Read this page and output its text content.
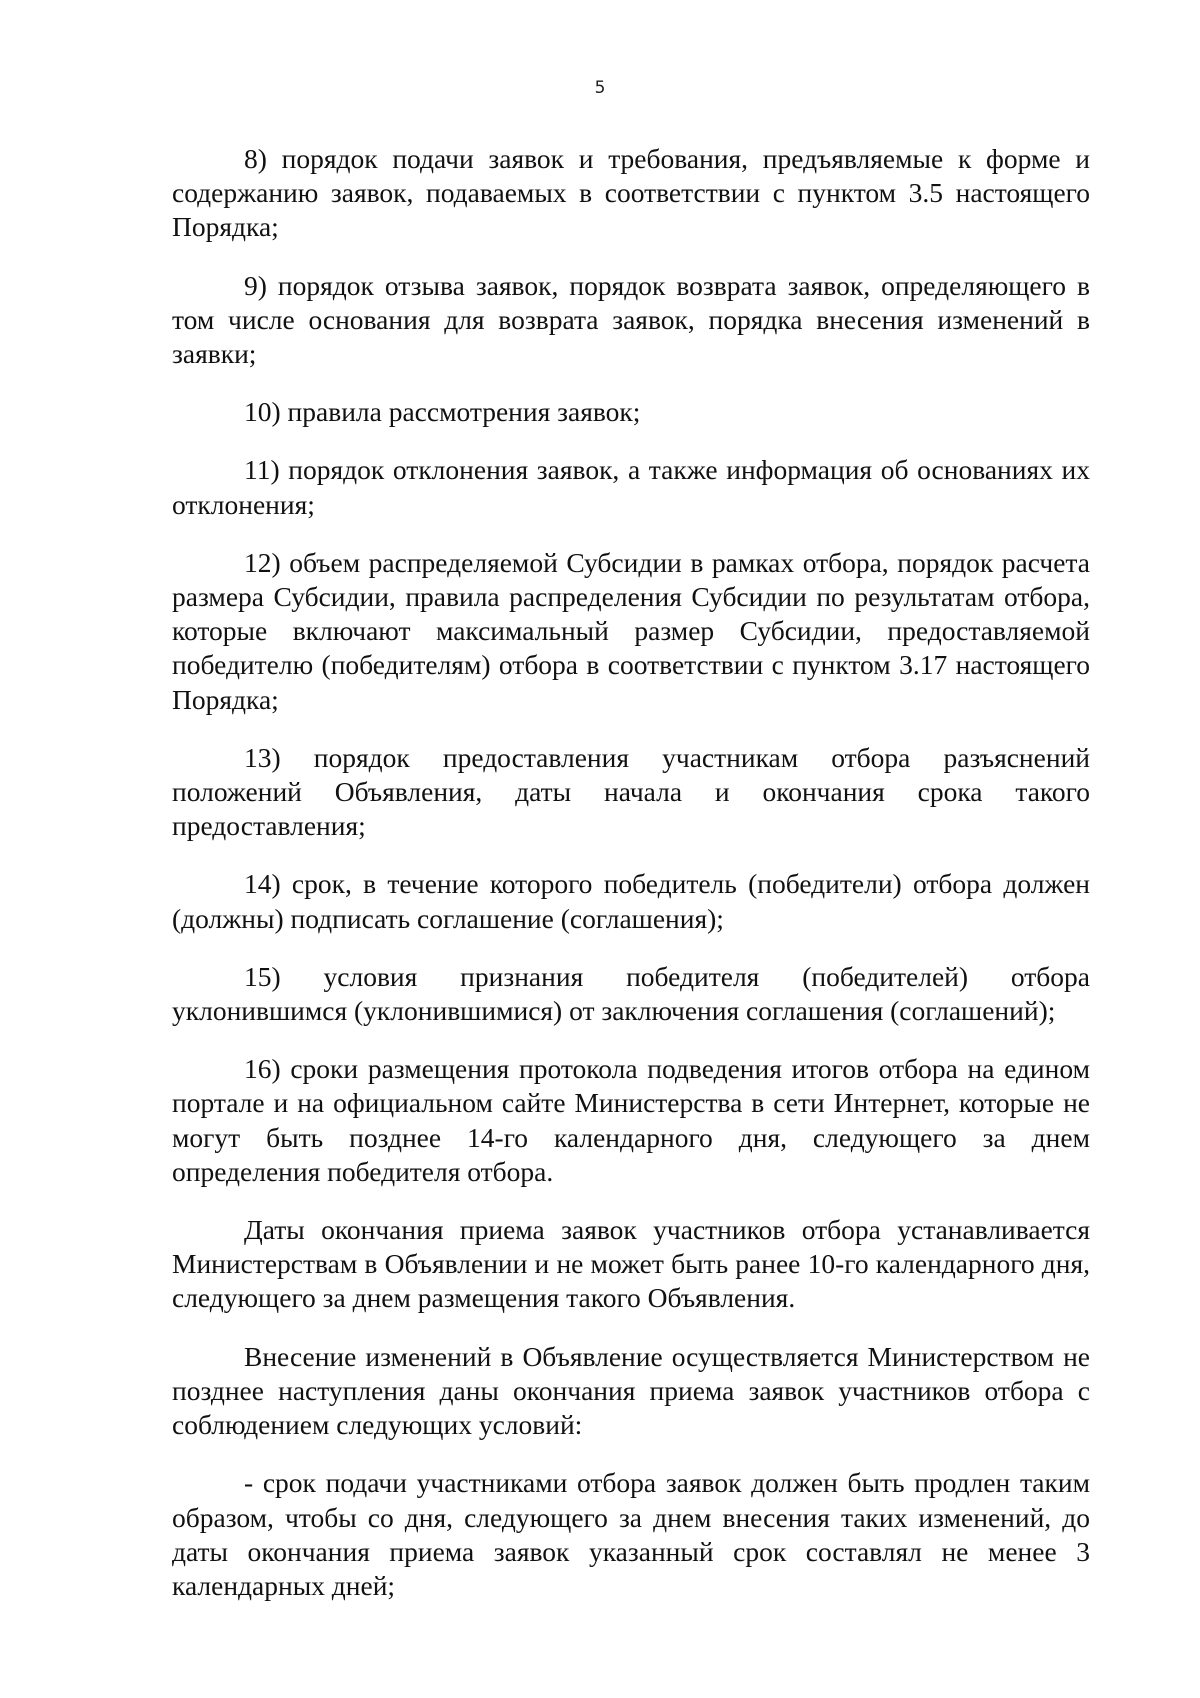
5

8) порядок подачи заявок и требования, предъявляемые к форме и содержанию заявок, подаваемых в соответствии с пунктом 3.5 настоящего Порядка;

9) порядок отзыва заявок, порядок возврата заявок, определяющего в том числе основания для возврата заявок, порядка внесения изменений в заявки;

10) правила рассмотрения заявок;

11) порядок отклонения заявок, а также информация об основаниях их отклонения;

12) объем распределяемой Субсидии в рамках отбора, порядок расчета размера Субсидии, правила распределения Субсидии по результатам отбора, которые включают максимальный размер Субсидии, предоставляемой победителю (победителям) отбора в соответствии с пунктом 3.17 настоящего Порядка;

13) порядок предоставления участникам отбора разъяснений положений Объявления, даты начала и окончания срока такого предоставления;

14) срок, в течение которого победитель (победители) отбора должен (должны) подписать соглашение (соглашения);

15) условия признания победителя (победителей) отбора уклонившимся (уклонившимися) от заключения соглашения (соглашений);

16) сроки размещения протокола подведения итогов отбора на едином портале и на официальном сайте Министерства в сети Интернет, которые не могут быть позднее 14-го календарного дня, следующего за днем определения победителя отбора.

Даты окончания приема заявок участников отбора устанавливается Министерствам в Объявлении и не может быть ранее 10-го календарного дня, следующего за днем размещения такого Объявления.

Внесение изменений в Объявление осуществляется Министерством не позднее наступления даны окончания приема заявок участников отбора с соблюдением следующих условий:

- срок подачи участниками отбора заявок должен быть продлен таким образом, чтобы со дня, следующего за днем внесения таких изменений, до даты окончания приема заявок указанный срок составлял не менее 3 календарных дней;
